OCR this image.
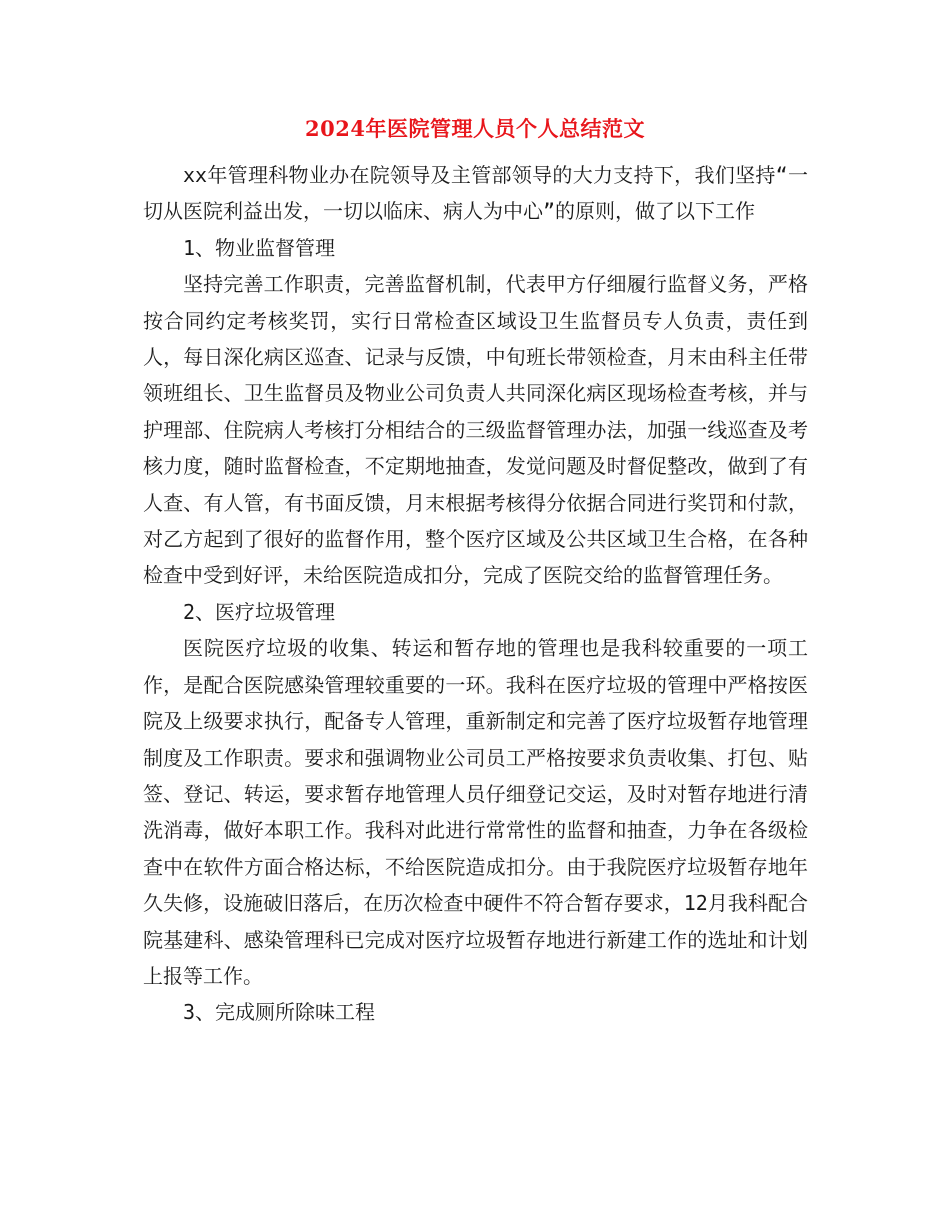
2024年医院管理人员个人总结范文

xx年管理科物业办在院领导及主管部领导的大力支持下，我们坚持“一切从医院利益出发，一切以临床、病人为中心”的原则，做了以下工作

1、物业监督管理

坚持完善工作职责，完善监督机制，代表甲方仔细履行监督义务，严格按合同约定考核奖罚，实行日常检查区域设卫生监督员专人负责，责任到人，每日深化病区巡查、记录与反馈，中旬班长带领检查，月末由科主任带领班组长、卫生监督员及物业公司负责人共同深化病区现场检查考核，并与护理部、住院病人考核打分相结合的三级监督管理办法，加强一线巡查及考核力度，随时监督检查，不定期地抽查，发觉问题及时督促整改，做到了有人查、有人管，有书面反馈，月末根据考核得分依据合同进行奖罚和付款，对乙方起到了很好的监督作用，整个医疗区域及公共区域卫生合格，在各种检查中受到好评，未给医院造成扣分，完成了医院交给的监督管理任务。

2、医疗垃圾管理

医院医疗垃圾的收集、转运和暂存地的管理也是我科较重要的一项工作，是配合医院感染管理较重要的一环。我科在医疗垃圾的管理中严格按医院及上级要求执行，配备专人管理，重新制定和完善了医疗垃圾暂存地管理制度及工作职责。要求和强调物业公司员工严格按要求负责收集、打包、贴签、登记、转运，要求暂存地管理人员仔细登记交运，及时对暂存地进行清洗消毒，做好本职工作。我科对此进行常常性的监督和抽查，力争在各级检查中在软件方面合格达标，不给医院造成扣分。由于我院医疗垃圾暂存地年久失修，设施破旧落后，在历次检查中硬件不符合暂存要求，12月我科配合院基建科、感染管理科已完成对医疗垃圾暂存地进行新建工作的选址和计划上报等工作。

3、完成厕所除味工程
